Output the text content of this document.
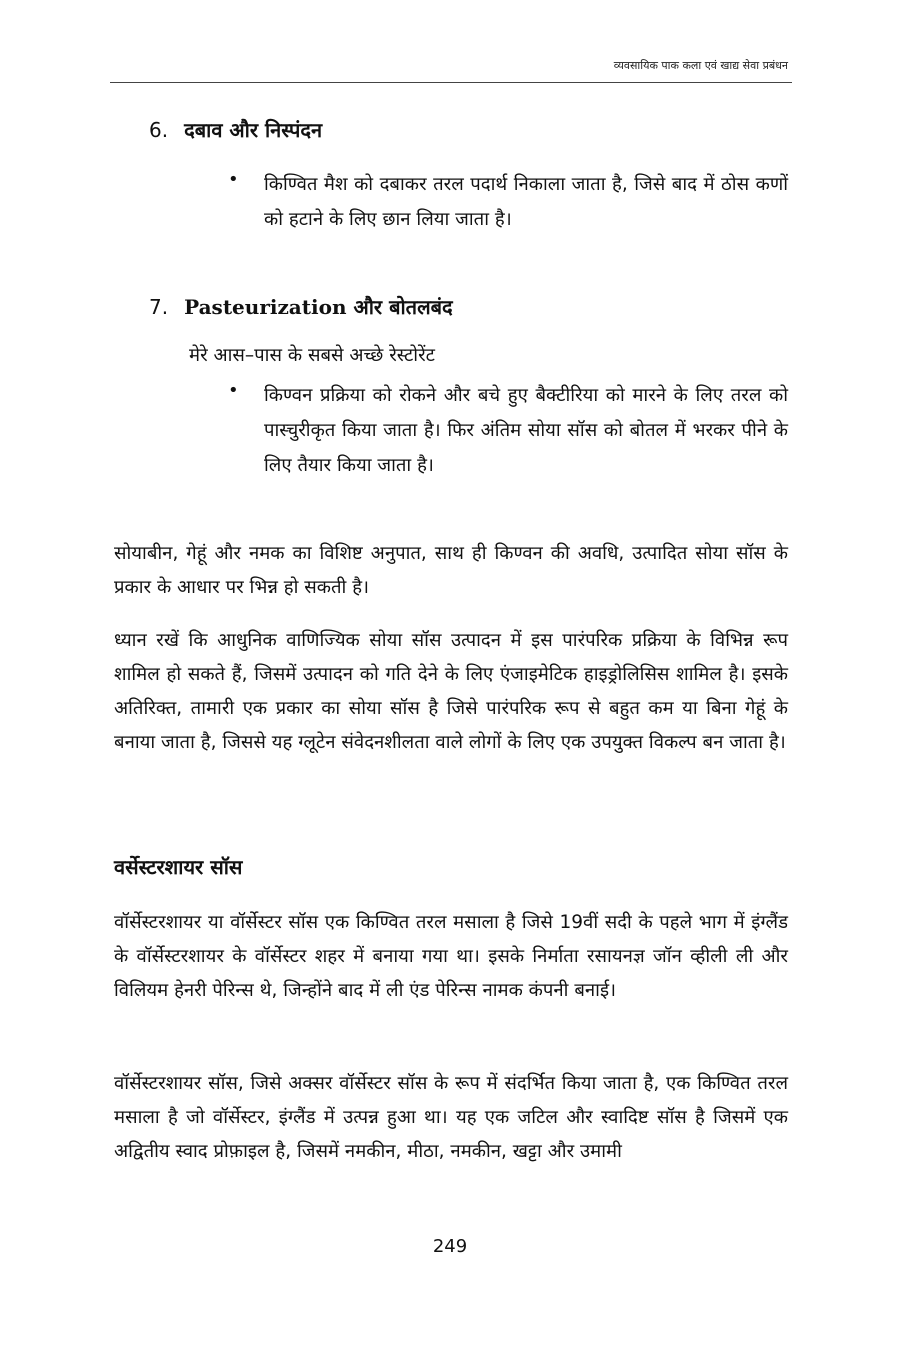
व्यवसायिक पाक कला एवं खाद्य सेवा प्रबंधन
6. दबाव और निस्पंदन
• किण्वित मैश को दबाकर तरल पदार्थ निकाला जाता है, जिसे बाद में ठोस कणों को हटाने के लिए छान लिया जाता है।
7. Pasteurization और बोतलबंद
मेरे आस–पास के सबसे अच्छे रेस्टोरेंट
• किण्वन प्रक्रिया को रोकने और बचे हुए बैक्टीरिया को मारने के लिए तरल को पास्चुरीकृत किया जाता है। फिर अंतिम सोया सॉस को बोतल में भरकर पीने के लिए तैयार किया जाता है।

सोयाबीन, गेहूं और नमक का विशिष्ट अनुपात, साथ ही किण्वन की अवधि, उत्पादित सोया सॉस के प्रकार के आधार पर भिन्न हो सकती है।

ध्यान रखें कि आधुनिक वाणिज्यिक सोया सॉस उत्पादन में इस पारंपरिक प्रक्रिया के विभिन्न रूप शामिल हो सकते हैं, जिसमें उत्पादन को गति देने के लिए एंजाइमेटिक हाइड्रोलिसिस शामिल है। इसके अतिरिक्त, तामारी एक प्रकार का सोया सॉस है जिसे पारंपरिक रूप से बहुत कम या बिना गेहूं के बनाया जाता है, जिससे यह ग्लूटेन संवेदनशीलता वाले लोगों के लिए एक उपयुक्त विकल्प बन जाता है।

वर्सेस्टरशायर सॉस

वॉर्सेस्टरशायर या वॉर्सेस्टर सॉस एक किण्वित तरल मसाला है जिसे 19वीं सदी के पहले भाग में इंग्लैंड के वॉर्सेस्टरशायर के वॉर्सेस्टर शहर में बनाया गया था। इसके निर्माता रसायनज्ञ जॉन व्हीली ली और विलियम हेनरी पेरिन्स थे, जिन्होंने बाद में ली एंड पेरिन्स नामक कंपनी बनाई।

वॉर्सेस्टरशायर सॉस, जिसे अक्सर वॉर्सेस्टर सॉस के रूप में संदर्भित किया जाता है, एक किण्वित तरल मसाला है जो वॉर्सेस्टर, इंग्लैंड में उत्पन्न हुआ था। यह एक जटिल और स्वादिष्ट सॉस है जिसमें एक अद्वितीय स्वाद प्रोफ़ाइल है, जिसमें नमकीन, मीठा, नमकीन, खट्टा और उमामी

249
